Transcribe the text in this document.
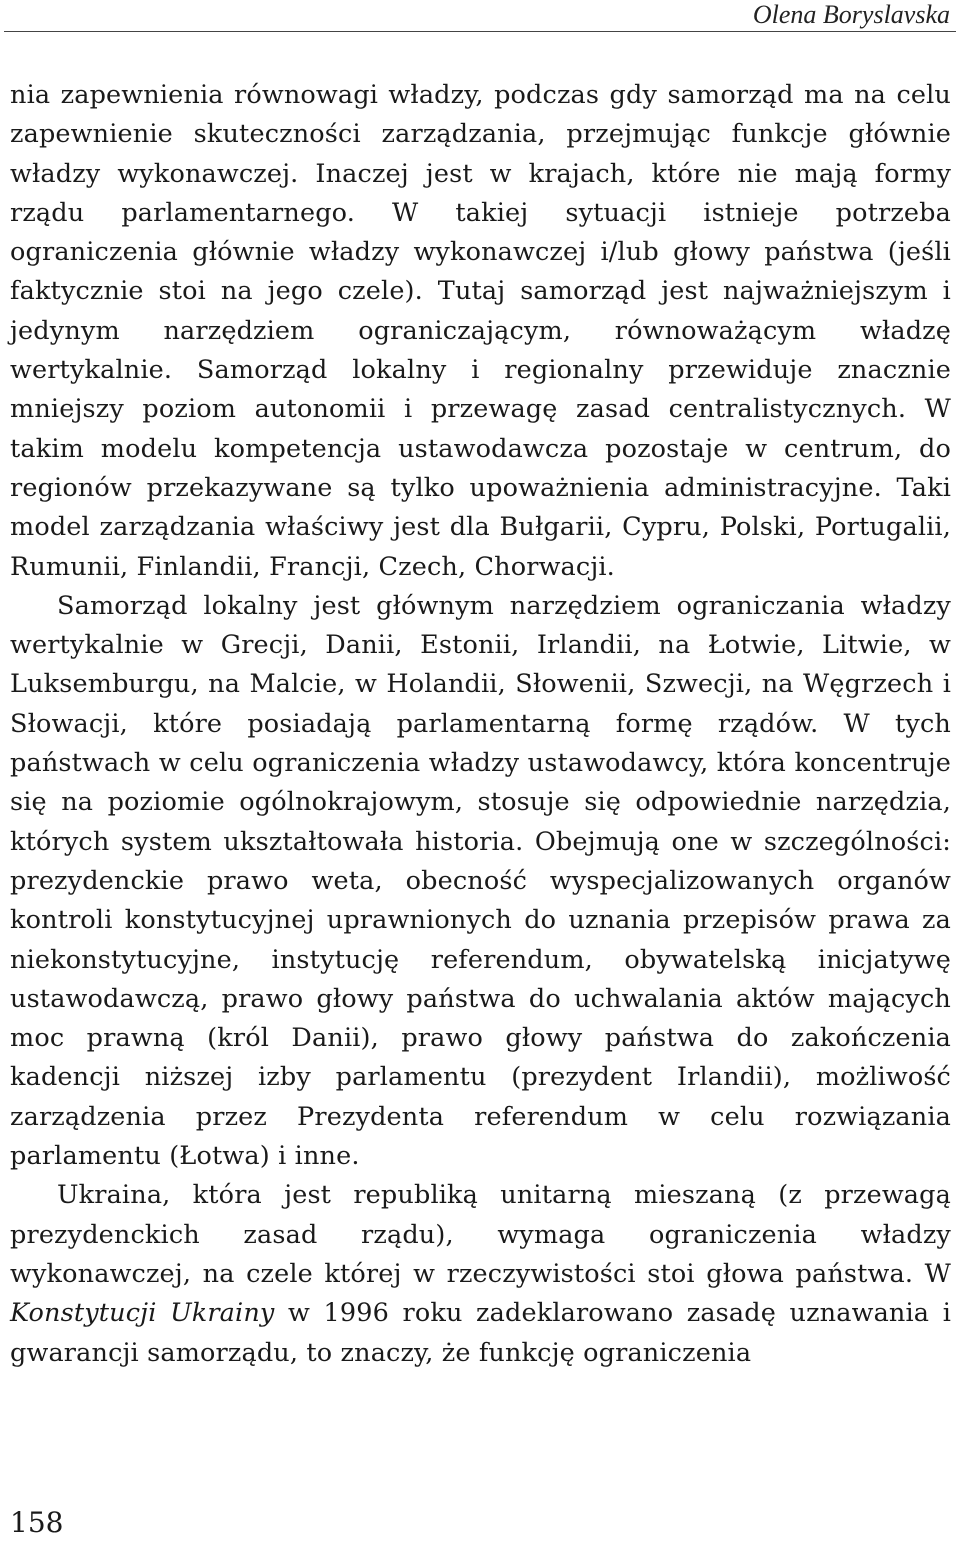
Olena Boryslavska

nia zapewnienia równowagi władzy, podczas gdy samorząd ma na celu zapewnienie skuteczności zarządzania, przejmując funkcje głównie władzy wykonawczej. Inaczej jest w krajach, które nie mają formy rządu parlamentarnego. W takiej sytuacji istnieje potrzeba ograniczenia głównie władzy wykonawczej i/lub głowy państwa (jeśli faktycznie stoi na jego czele). Tutaj samorząd jest najważniejszym i jedynym narzędziem ograniczającym, równoważącym władzę wertykalnie. Samorząd lokalny i regionalny przewiduje znacznie mniejszy poziom autonomii i przewagę zasad centralistycznych. W takim modelu kompetencja ustawodawcza pozostaje w centrum, do regionów przekazywane są tylko upoważnienia administracyjne. Taki model zarządzania właściwy jest dla Bułgarii, Cypru, Polski, Portugalii, Rumunii, Finlandii, Francji, Czech, Chorwacji.

Samorząd lokalny jest głównym narzędziem ograniczania władzy wertykalnie w Grecji, Danii, Estonii, Irlandii, na Łotwie, Litwie, w Luksemburgu, na Malcie, w Holandii, Słowenii, Szwecji, na Węgrzech i Słowacji, które posiadają parlamentarną formę rządów. W tych państwach w celu ograniczenia władzy ustawodawcy, która koncentruje się na poziomie ogólnokrajowym, stosuje się odpowiednie narzędzia, których system ukształtowała historia. Obejmują one w szczególności: prezydenckie prawo weta, obecność wyspecjalizowanych organów kontroli konstytucyjnej uprawnionych do uznania przepisów prawa za niekonstytucyjne, instytucję referendum, obywatelską inicjatywę ustawodawczą, prawo głowy państwa do uchwalania aktów mających moc prawną (król Danii), prawo głowy państwa do zakończenia kadencji niższej izby parlamentu (prezydent Irlandii), możliwość zarządzenia przez Prezydenta referendum w celu rozwiązania parlamentu (Łotwa) i inne.

Ukraina, która jest republiką unitarną mieszaną (z przewagą prezydenckich zasad rządu), wymaga ograniczenia władzy wykonawczej, na czele której w rzeczywistości stoi głowa państwa. W Konstytucji Ukrainy w 1996 roku zadeklarowano zasadę uznawania i gwarancji samorządu, to znaczy, że funkcję ograniczenia

158
